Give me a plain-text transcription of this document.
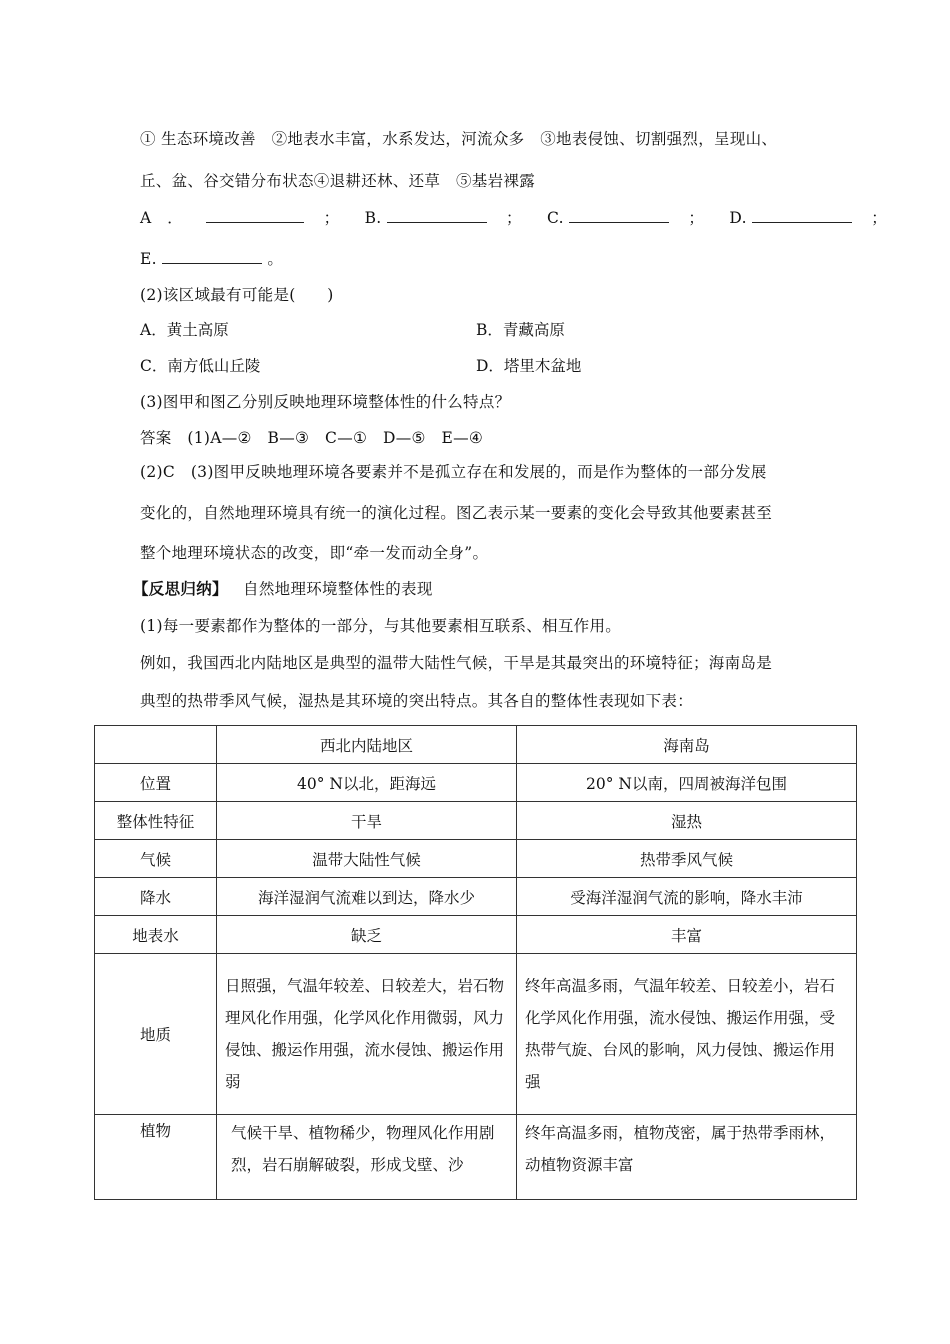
① 生态环境改善　②地表水丰富，水系发达，河流众多　③地表侵蚀、切割强烈，呈现山、
丘、盆、谷交错分布状态④退耕还林、还草　⑤基岩裸露
A　．	； B.	； C.	； D.	；
E.	。
(2)该区域最有可能是(　　)
A．黄土高原	B．青藏高原
C．南方低山丘陵	D．塔里木盆地
(3)图甲和图乙分别反映地理环境整体性的什么特点？
答案　(1)A—②　B—③　C—①　D—⑤　E—④
(2)C　(3)图甲反映地理环境各要素并不是孤立存在和发展的，而是作为整体的一部分发展
变化的，自然地理环境具有统一的演化过程。图乙表示某一要素的变化会导致其他要素甚至
整个地理环境状态的改变，即“牵一发而动全身”。
【反思归纳】 自然地理环境整体性的表现
(1)每一要素都作为整体的一部分，与其他要素相互联系、相互作用。
例如，我国西北内陆地区是典型的温带大陆性气候，干旱是其最突出的环境特征；海南岛是
典型的热带季风气候，湿热是其环境的突出特点。其各自的整体性表现如下表：
	西北内陆地区	海南岛
位置	40° N以北，距海远	20° N以南，四周被海洋包围
整体性特征	干旱	湿热
气候	温带大陆性气候	热带季风气候
降水	海洋湿润气流难以到达，降水少	受海洋湿润气流的影响，降水丰沛
地表水	缺乏	丰富
地质	日照强，气温年较差、日较差大，岩石物理风化作用强，化学风化作用微弱，风力侵蚀、搬运作用强，流水侵蚀、搬运作用弱	终年高温多雨，气温年较差、日较差小，岩石化学风化作用强，流水侵蚀、搬运作用强，受热带气旋、台风的影响，风力侵蚀、搬运作用强
植物	气候干旱、植物稀少，物理风化作用剧烈，岩石崩解破裂，形成戈壁、沙	终年高温多雨，植物茂密，属于热带季雨林，动植物资源丰富
